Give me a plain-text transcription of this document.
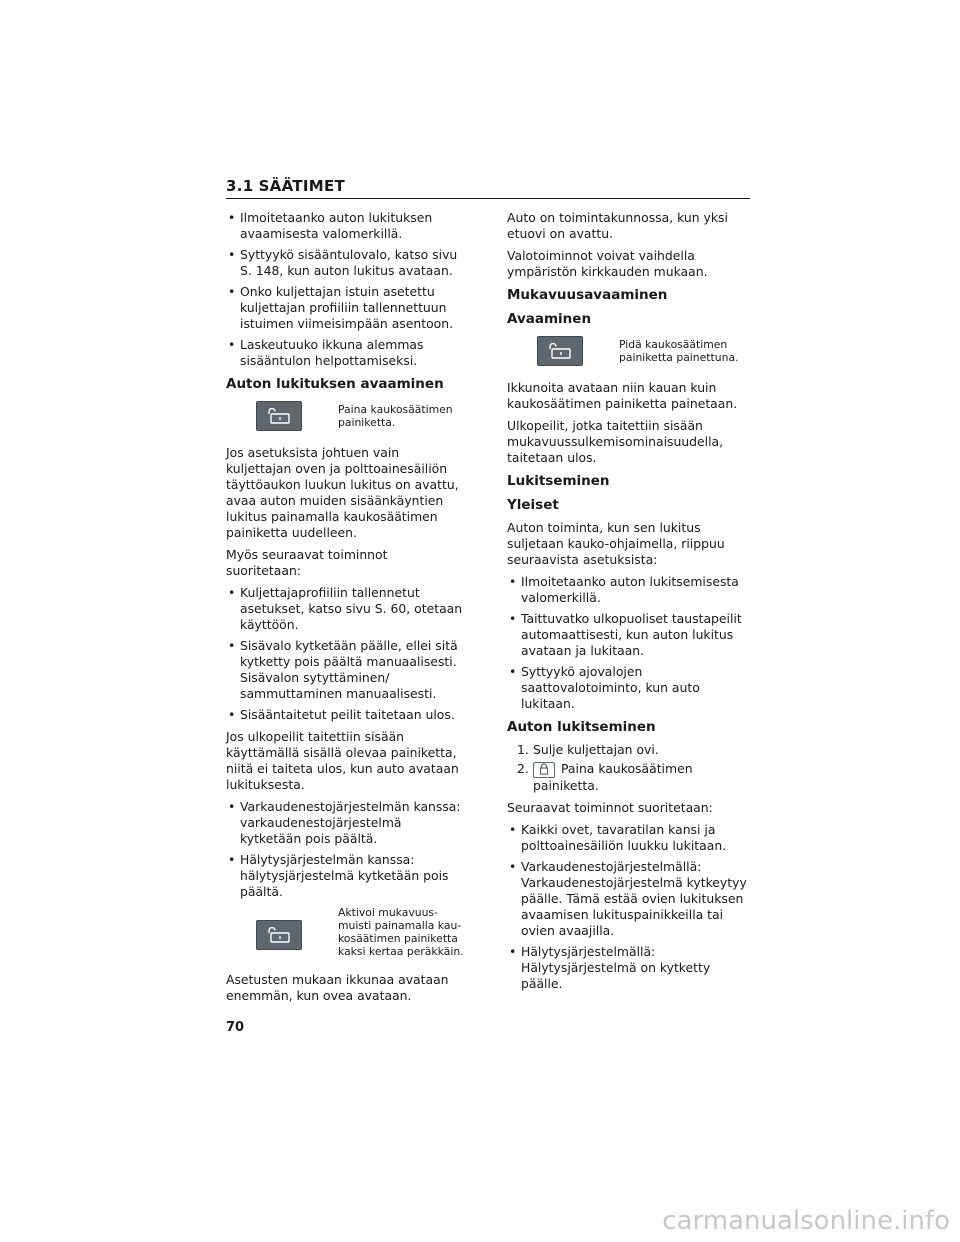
3.1 SÄÄTIMET
• Ilmoitetaanko auton lukituksen avaamisesta valomerkillä.
• Syttyykö sisääntulovalo, katso sivu S. 148, kun auton lukitus avataan.
• Onko kuljettajan istuin asetettu kuljettajan profiiliin tallennettuun istuimen viimeisimpään asentoon.
• Laskeutuuko ikkuna alemmas sisääntulon helpottamiseksi.
Auton lukituksen avaaminen
Paina kaukosäätimen painiketta.

Jos asetuksista johtuen vain kuljettajan oven ja polttoainesäiliön täyttöaukon luukun lukitus on avattu, avaa auton muiden sisäänkäyntien lukitus painamalla kaukosäätimen painiketta uudelleen.

Myös seuraavat toiminnot suoritetaan:

• Kuljettajaprofiiliin tallennetut asetukset, katso sivu S. 60, otetaan käyttöön.
• Sisävalo kytketään päälle, ellei sitä kytketty pois päältä manuaalisesti. Sisävalon sytyttäminen/ sammuttaminen manuaalisesti.
• Sisääntaitetut peilit taitetaan ulos.

Jos ulkopeilit taitettiin sisään käyttämällä sisällä olevaa painiketta, niitä ei taiteta ulos, kun auto avataan lukituksesta.

• Varkaudenestojärjestelmän kanssa: varkaudenestojärjestelmä kytketään pois päältä.
• Hälytysjärjestelmän kanssa: hälytysjärjestelmä kytketään pois päältä.
Aktivoi mukavuusmuisti painamalla kaukosäätimen painiketta kaksi kertaa peräkkäin.

Asetusten mukaan ikkunaa avataan enemmän, kun ovea avataan.

Auto on toimintakunnossa, kun yksi etuovi on avattu.

Valotoiminnot voivat vaihdella ympäristön kirkkauden mukaan.

Mukavuusavaaminen
Avaaminen
Pidä kaukosäätimen painiketta painettuna.

Ikkunoita avataan niin kauan kuin kaukosäätimen painiketta painetaan.

Ulkopeilit, jotka taitettiin sisään mukavuussulkemisominaisuudella, taitetaan ulos.

Lukitseminen
Yleiset

Auton toiminta, kun sen lukitus suljetaan kauko-ohjaimella, riippuu seuraavista asetuksista:

• Ilmoitetaanko auton lukitsemisesta valomerkillä.
• Taittuvatko ulkopuoliset taustapeilit automaattisesti, kun auton lukitus avataan ja lukitaan.
• Syttyykö ajovalojen saattovalotoiminto, kun auto lukitaan.
Auton lukitseminen
1. Sulje kuljettajan ovi.
2.	Paina kaukosäätimen painiketta.

Seuraavat toiminnot suoritetaan:

• Kaikki ovet, tavaratilan kansi ja polttoainesäiliön luukku lukitaan.
• Varkaudenestojärjestelmällä: Varkaudenestojärjestelmä kytkeytyy päälle. Tämä estää ovien lukituksen avaamisen lukituspainikkeilla tai ovien avaajilla.
• Hälytysjärjestelmällä: Hälytysjärjestelmä on kytketty päälle.
70
carmanualsonline.info
